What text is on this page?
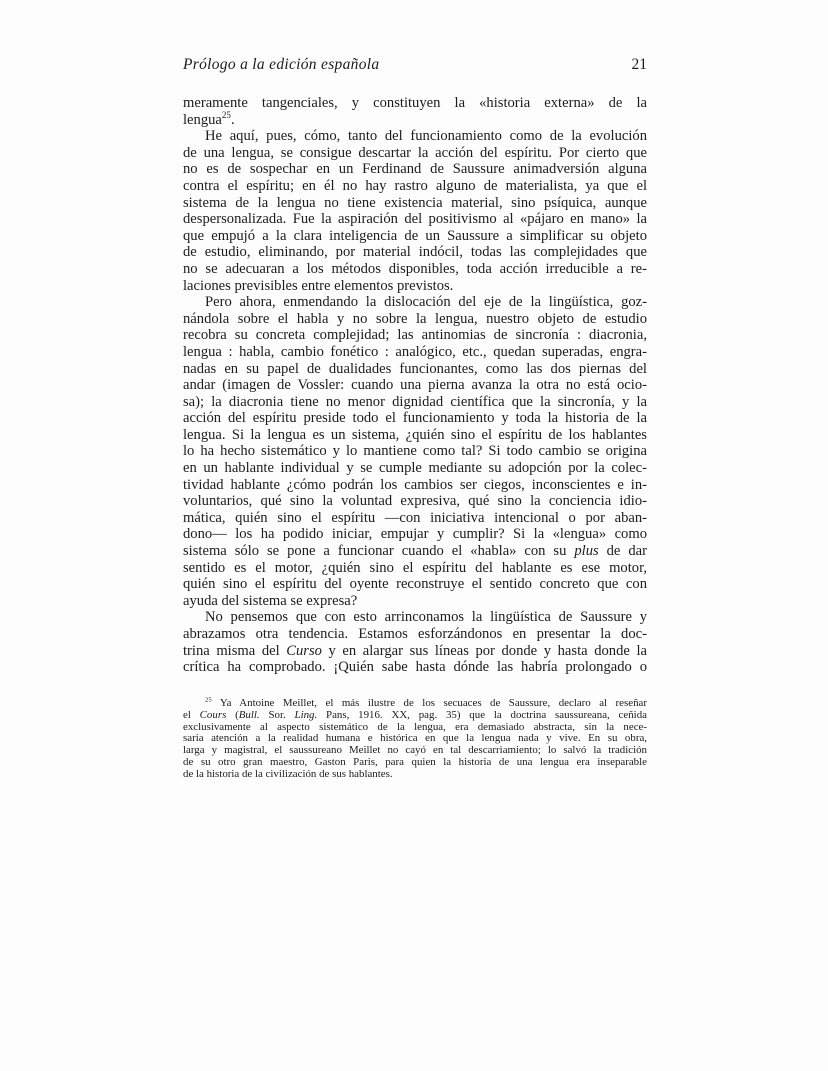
Prólogo a la edición española	21
meramente tangenciales, y constituyen la «historia externa» de la
lengua$^{25}$.
He aquí, pues, cómo, tanto del funcionamiento como de la evolución
de una lengua, se consigue descartar la acción del espíritu. Por cierto que
no es de sospechar en un Ferdinand de Saussure animadversión alguna
contra el espíritu; en él no hay rastro alguno de materialista, ya que el
sistema de la lengua no tiene existencia material, sino psíquica, aunque
despersonalizada. Fue la aspiración del positivismo al «pájaro en mano» la
que empujó a la clara inteligencia de un Saussure a simplificar su objeto
de estudio, eliminando, por material indócil, todas las complejidades que
no se adecuaran a los métodos disponibles, toda acción irreducible a re-
laciones previsibles entre elementos previstos.
Pero ahora, enmendando la dislocación del eje de la lingüística, goz-
nándola sobre el habla y no sobre la lengua, nuestro objeto de estudio
recobra su concreta complejidad; las antinomias de sincronía : diacronia,
lengua : habla, cambio fonético : analógico, etc., quedan superadas, engra-
nadas en su papel de dualidades funcionantes, como las dos piernas del
andar (imagen de Vossler: cuando una pierna avanza la otra no está ocio-
sa); la diacronia tiene no menor dignidad científica que la sincronía, y la
acción del espíritu preside todo el funcionamiento y toda la historia de la
lengua. Si la lengua es un sistema, ¿quién sino el espíritu de los hablantes
lo ha hecho sistemático y lo mantiene como tal? Si todo cambio se origina
en un hablante individual y se cumple mediante su adopción por la colec-
tividad hablante ¿cómo podrán los cambios ser ciegos, inconscientes e in-
voluntarios, qué sino la voluntad expresiva, qué sino la conciencia idio-
mática, quién sino el espíritu —con iniciativa intencional o por aban-
dono— los ha podido iniciar, empujar y cumplir? Si la «lengua» como
sistema sólo se pone a funcionar cuando el «habla» con su plus de dar
sentido es el motor, ¿quién sino el espíritu del hablante es ese motor,
quién sino el espíritu del oyente reconstruye el sentido concreto que con
ayuda del sistema se expresa?
No pensemos que con esto arrinconamos la lingüística de Saussure y
abrazamos otra tendencia. Estamos esforzándonos en presentar la doc-
trina misma del Curso y en alargar sus líneas por donde y hasta donde la
crítica ha comprobado. ¡Quién sabe hasta dónde las habría prolongado o
$^{25}$ Ya Antoine Meillet, el más ilustre de los secuaces de Saussure, declaro al reseñar
el Cours (Bull. Sor. Ling. Pans, 1916. XX, pag. 35) que la doctrina saussureana, ceñida
exclusivamente al aspecto sistemático de la lengua, era demasiado abstracta, sin la nece-
saria atención a la realidad humana e histórica en que la lengua nada y vive. En su obra,
larga y magistral, el saussureano Meillet no cayó en tal descarriamiento; lo salvó la tradición
de su otro gran maestro, Gaston Paris, para quien la historia de una lengua era inseparable
de la historia de la civilización de sus hablantes.
